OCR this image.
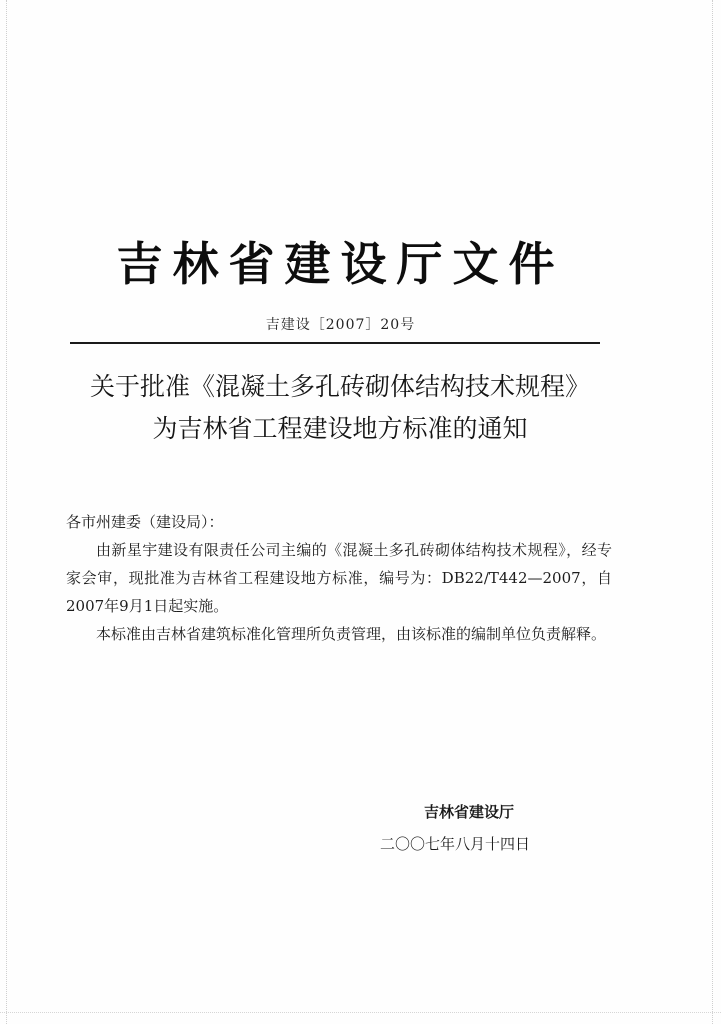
吉林省建设厅文件
吉建设［2007］20号
关于批准《混凝土多孔砖砌体结构技术规程》
为吉林省工程建设地方标准的通知
各市州建委（建设局）：

由新星宇建设有限责任公司主编的《混凝土多孔砖砌体结构技术规程》，经专家会审，现批准为吉林省工程建设地方标准，编号为：DB22/T442—2007，自2007年9月1日起实施。

本标准由吉林省建筑标准化管理所负责管理，由该标准的编制单位负责解释。

吉林省建设厅
二〇〇七年八月十四日
